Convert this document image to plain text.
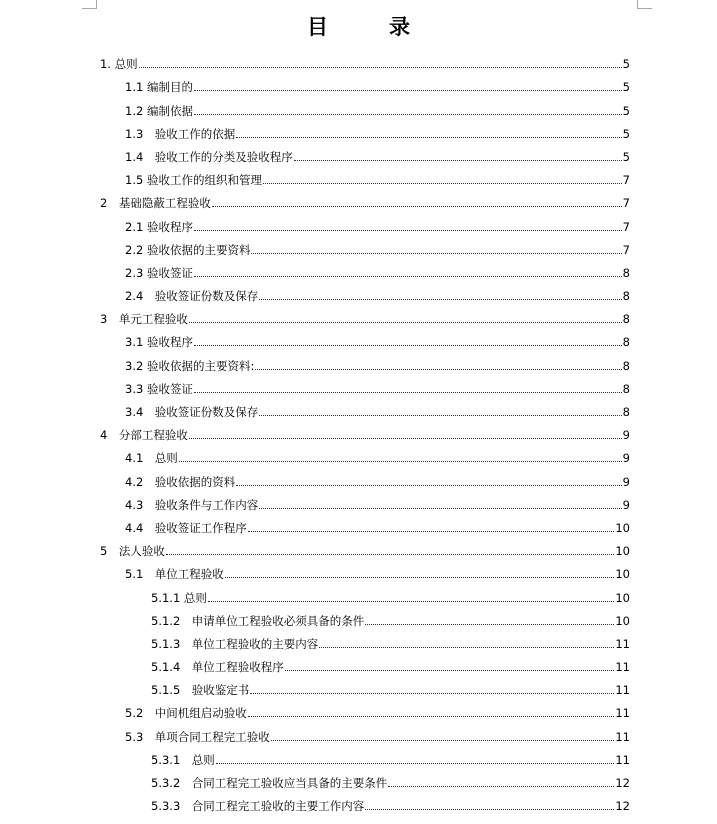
目　录
1. 总则	5
1.1 编制目的	5
1.2 编制依据	5
1.3　验收工作的依据	5
1.4　验收工作的分类及验收程序	5
1.5 验收工作的组织和管理	7
2　基础隐蔽工程验收	7
2.1 验收程序	7
2.2 验收依据的主要资料	7
2.3 验收签证	8
2.4　验收签证份数及保存	8
3　单元工程验收	8
3.1 验收程序	8
3.2 验收依据的主要资料:	8
3.3 验收签证	8
3.4　验收签证份数及保存	8
4　分部工程验收	9
4.1　总则	9
4.2　验收依据的资料	9
4.3　验收条件与工作内容	9
4.4　验收签证工作程序	10
5　法人验收	10
5.1　单位工程验收	10
5.1.1 总则	10
5.1.2　申请单位工程验收必须具备的条件	10
5.1.3　单位工程验收的主要内容	11
5.1.4　单位工程验收程序	11
5.1.5　验收鉴定书	11
5.2　中间机组启动验收	11
5.3　单项合同工程完工验收	11
5.3.1　总则	11
5.3.2　合同工程完工验收应当具备的主要条件	12
5.3.3　合同工程完工验收的主要工作内容	12
